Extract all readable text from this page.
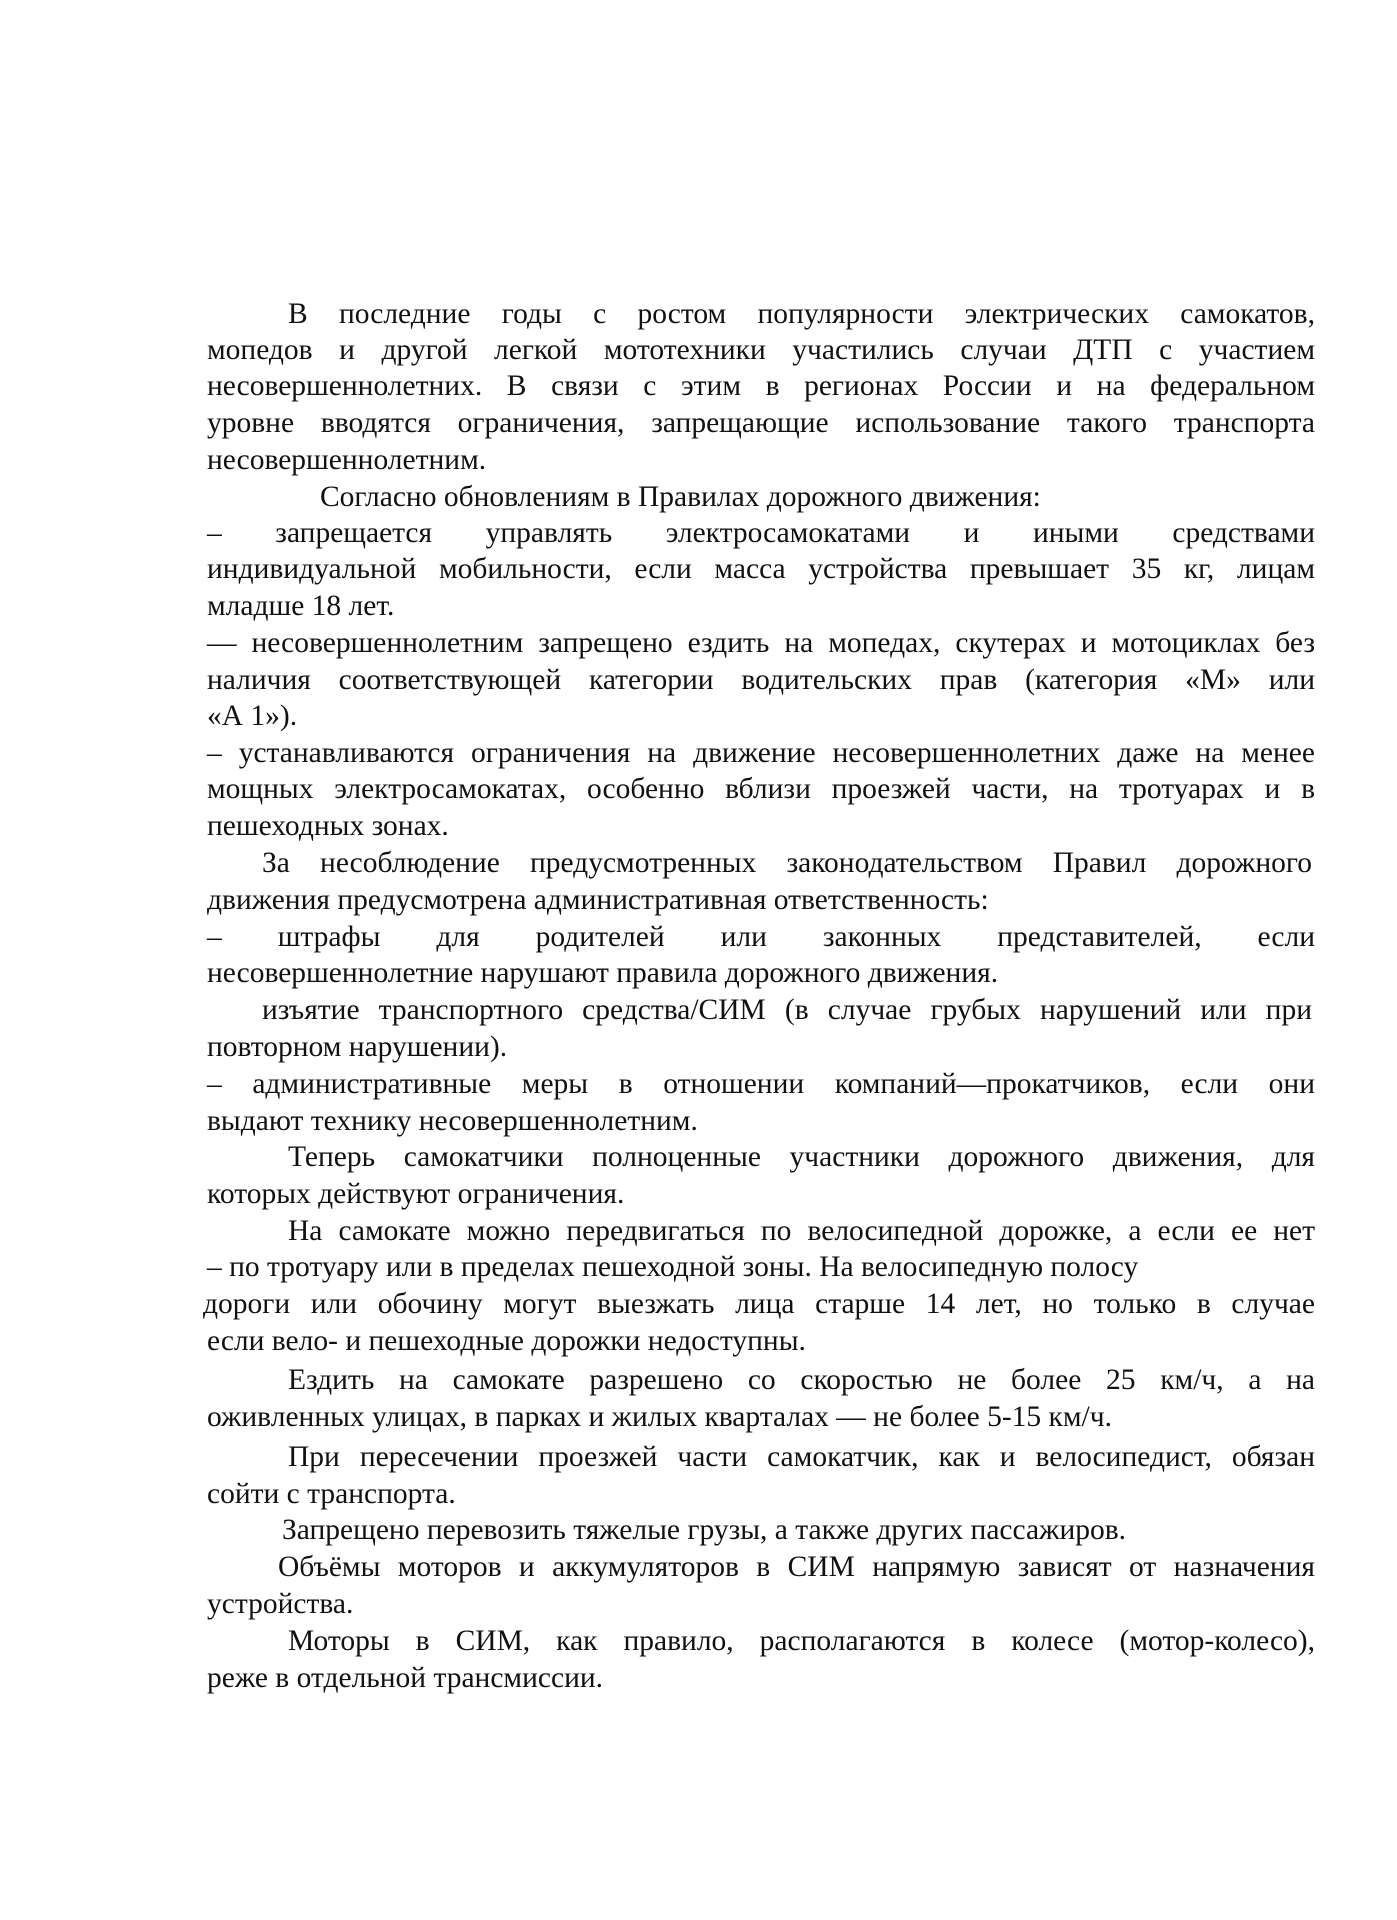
В последние годы с ростом популярности электрических самокатов,
мопедов и другой легкой мототехники участились случаи ДТП с участием
несовершеннолетних. В связи с этим в регионах России и на федеральном
уровне вводятся ограничения, запрещающие использование такого транспорта
несовершеннолетним.
Согласно обновлениям в Правилах дорожного движения:
– запрещается управлять электросамокатами и иными средствами
индивидуальной мобильности, если масса устройства превышает 35 кг, лицам
младше 18 лет.
— несовершеннолетним запрещено ездить на мопедах, скутерах и мотоциклах без
наличия соответствующей категории водительских прав (категория «М» или
«А 1»).
– устанавливаются ограничения на движение несовершеннолетних даже на менее
мощных электросамокатах, особенно вблизи проезжей части, на тротуарах и в
пешеходных зонах.
За несоблюдение предусмотренных законодательством Правил дорожного
движения предусмотрена административная ответственность:
– штрафы для родителей или законных представителей, если
несовершеннолетние нарушают правила дорожного движения.
изъятие транспортного средства/СИМ (в случае грубых нарушений или при
повторном нарушении).
– административные меры в отношении компаний—прокатчиков, если они
выдают технику несовершеннолетним.
Теперь самокатчики полноценные участники дорожного движения, для
которых действуют ограничения.
На самокате можно передвигаться по велосипедной дорожке, а если ее нет
– по тротуару или в пределах пешеходной зоны. На велосипедную полосу
дороги или обочину могут выезжать лица старше 14 лет, но только в случае
если вело- и пешеходные дорожки недоступны.
Ездить на самокате разрешено со скоростью не более 25 км/ч, а на
оживленных улицах, в парках и жилых кварталах — не более 5-15 км/ч.
При пересечении проезжей части самокатчик, как и велосипедист, обязан
сойти с транспорта.
Запрещено перевозить тяжелые грузы, а также других пассажиров.
Объёмы моторов и аккумуляторов в СИМ напрямую зависят от назначения
устройства.
Моторы в СИМ, как правило, располагаются в колесе (мотор-колесо),
реже в отдельной трансмиссии.
